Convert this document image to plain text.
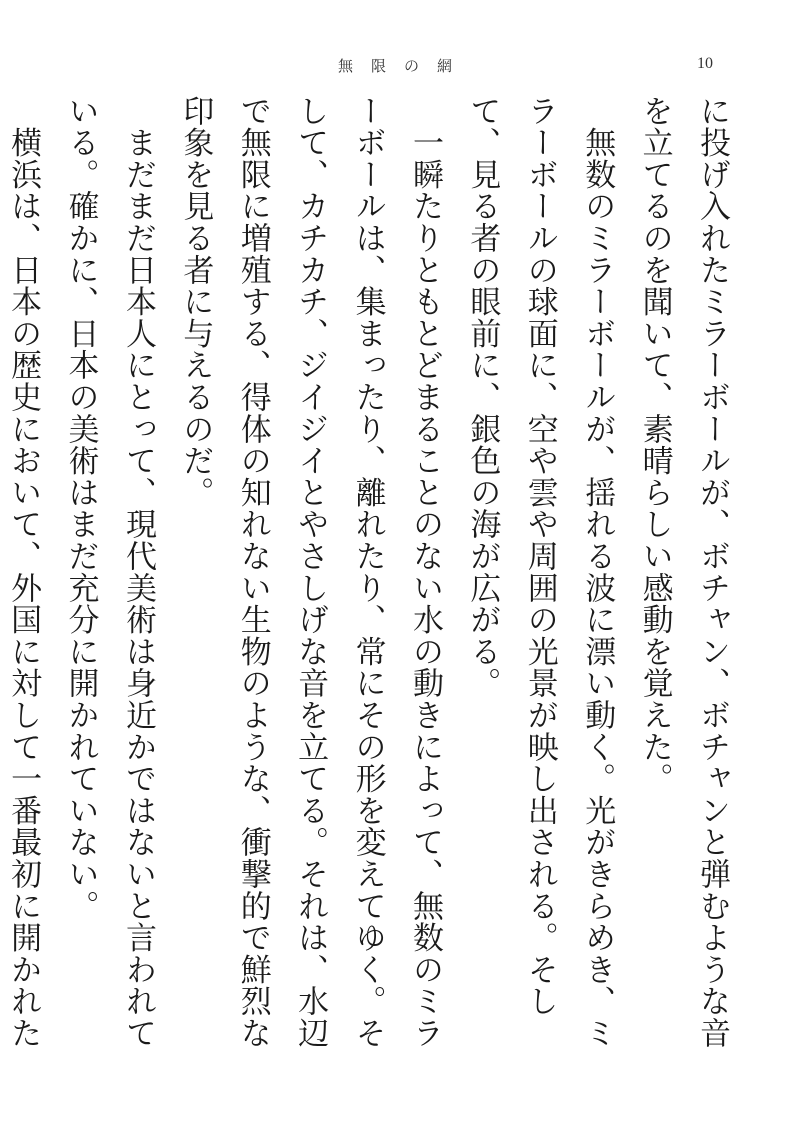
無限の網	10

に投げ入れたミラーボールが、ボチャン、ボチャンと弾むような音を立てるのを聞いて、素晴らしい感動を覚えた。

　無数のミラーボールが、揺れる波に漂い動く。光がきらめき、ミラーボールの球面に、空や雲や周囲の光景が映し出される。そして、見る者の眼前に、銀色の海が広がる。

　一瞬たりともとどまることのない水の動きによって、無数のミラーボールは、集まったり、離れたり、常にその形を変えてゆく。そして、カチカチ、ジイジイとやさしげな音を立てる。それは、水辺で無限に増殖する、得体の知れない生物のような、衝撃的で鮮烈な印象を見る者に与えるのだ。

　まだまだ日本人にとって、現代美術は身近かではないと言われている。確かに、日本の美術はまだ充分に開かれていない。

　横浜は、日本の歴史において、外国に対して一番最初に開かれた
